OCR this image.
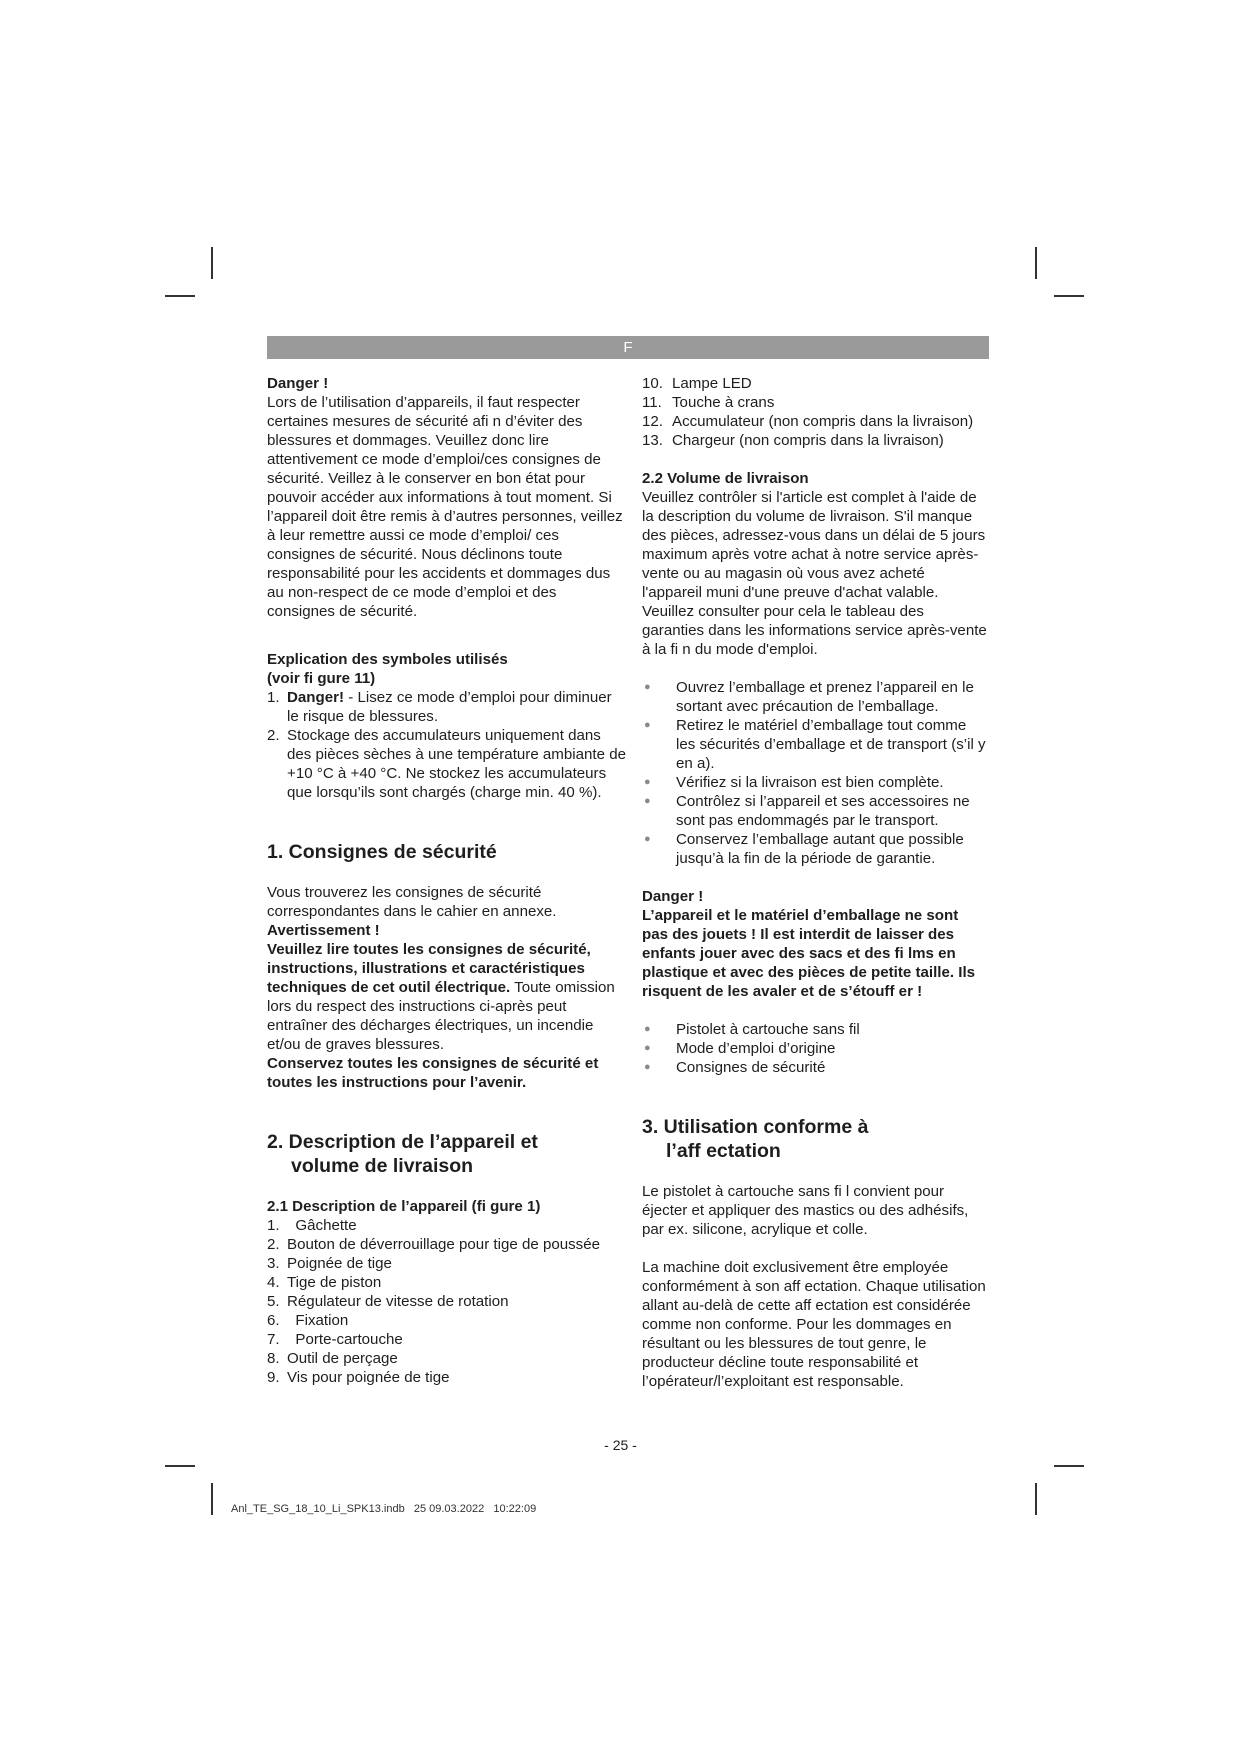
F

Danger !

Lors de l’utilisation d’appareils, il faut respecter certaines mesures de sécurité afi n d’éviter des blessures et dommages. Veuillez donc lire attentivement ce mode d’emploi/ces consignes de sécurité. Veillez à le conserver en bon état pour pouvoir accéder aux informations à tout moment. Si l’appareil doit être remis à d’autres personnes, veillez à leur remettre aussi ce mode d’emploi/ ces consignes de sécurité. Nous déclinons toute responsabilité pour les accidents et dommages dus au non-respect de ce mode d’emploi et des consignes de sécurité.

Explication des symboles utilisés

(voir fi gure 11)

1. Danger! - Lisez ce mode d’emploi pour diminuer le risque de blessures.
2. Stockage des accumulateurs uniquement dans des pièces sèches à une température ambiante de +10 °C à +40 °C. Ne stockez les accumulateurs que lorsqu’ils sont chargés (charge min. 40 %).

1. Consignes de sécurité

Vous trouverez les consignes de sécurité correspondantes dans le cahier en annexe.

Avertissement !

Veuillez lire toutes les consignes de sécurité, instructions, illustrations et caractéristiques techniques de cet outil électrique. Toute omission lors du respect des instructions ci-après peut entraîner des décharges électriques, un incendie et/ou de graves blessures.

Conservez toutes les consignes de sécurité et toutes les instructions pour l’avenir.

2. Description de l’appareil et
volume de livraison

2.1 Description de l’appareil (fi gure 1)

1. Gâchette
2. Bouton de déverrouillage pour tige de poussée
3. Poignée de tige
4. Tige de piston
5. Régulateur de vitesse de rotation
6. Fixation
7. Porte-cartouche
8. Outil de perçage
9. Vis pour poignée de tige
10. Lampe LED
11. Touche à crans
12. Accumulateur (non compris dans la livraison)
13. Chargeur (non compris dans la livraison)

2.2 Volume de livraison

Veuillez contrôler si l'article est complet à l'aide de la description du volume de livraison. S'il manque des pièces, adressez-vous dans un délai de 5 jours maximum après votre achat à notre service après-vente ou au magasin où vous avez acheté l'appareil muni d'une preuve d'achat valable. Veuillez consulter pour cela le tableau des garanties dans les informations service après-vente à la fi n du mode d'emploi.

●	Ouvrez l’emballage et prenez l’appareil en le sortant avec précaution de l’emballage.
●	Retirez le matériel d’emballage tout comme les sécurités d’emballage et de transport (s’il y en a).
●	Vérifiez si la livraison est bien complète.
●	Contrôlez si l’appareil et ses accessoires ne sont pas endommagés par le transport.
●	Conservez l’emballage autant que possible jusqu’à la fin de la période de garantie.

Danger !

L’appareil et le matériel d’emballage ne sont pas des jouets ! Il est interdit de laisser des enfants jouer avec des sacs et des fi lms en plastique et avec des pièces de petite taille. Ils risquent de les avaler et de s’étouff er !

●	Pistolet à cartouche sans fil
●	Mode d’emploi d’origine
●	Consignes de sécurité

3. Utilisation conforme à
l’aff ectation

Le pistolet à cartouche sans fi l convient pour éjecter et appliquer des mastics ou des adhésifs, par ex. silicone, acrylique et colle.

La machine doit exclusivement être employée conformément à son aff ectation. Chaque utilisation allant au-delà de cette aff ectation est considérée comme non conforme. Pour les dommages en résultant ou les blessures de tout genre, le producteur décline toute responsabilité et l’opérateur/l’exploitant est responsable.

- 25 -
Anl_TE_SG_18_10_Li_SPK13.indb   25 09.03.2022   10:22:09
